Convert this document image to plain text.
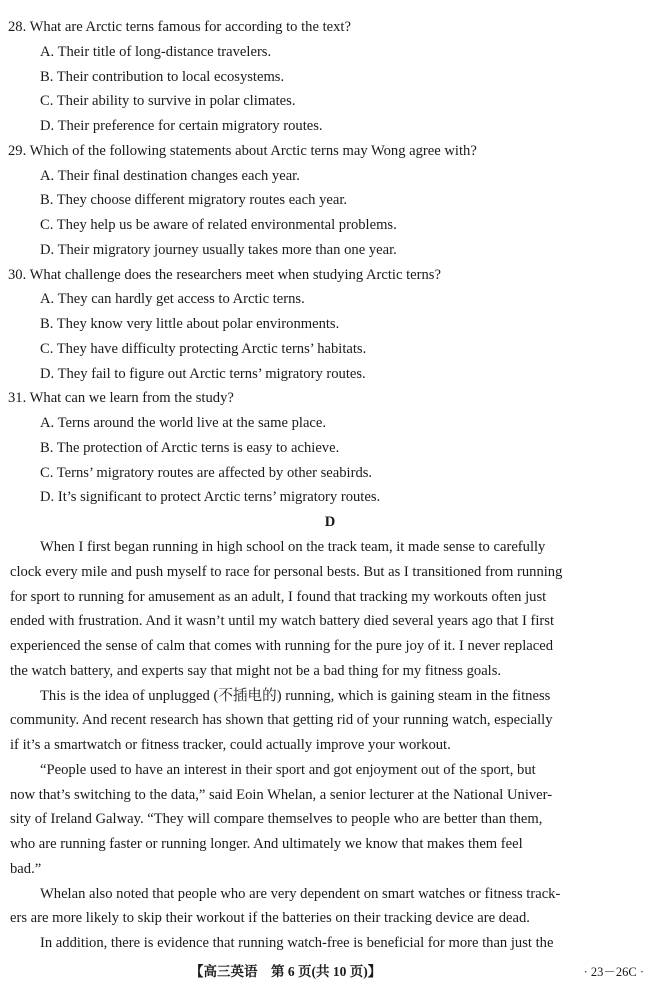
28. What are Arctic terns famous for according to the text?
A. Their title of long-distance travelers.
B. Their contribution to local ecosystems.
C. Their ability to survive in polar climates.
D. Their preference for certain migratory routes.
29. Which of the following statements about Arctic terns may Wong agree with?
A. Their final destination changes each year.
B. They choose different migratory routes each year.
C. They help us be aware of related environmental problems.
D. Their migratory journey usually takes more than one year.
30. What challenge does the researchers meet when studying Arctic terns?
A. They can hardly get access to Arctic terns.
B. They know very little about polar environments.
C. They have difficulty protecting Arctic terns’ habitats.
D. They fail to figure out Arctic terns’ migratory routes.
31. What can we learn from the study?
A. Terns around the world live at the same place.
B. The protection of Arctic terns is easy to achieve.
C. Terns’ migratory routes are affected by other seabirds.
D. It’s significant to protect Arctic terns’ migratory routes.
D
When I first began running in high school on the track team, it made sense to carefully
clock every mile and push myself to race for personal bests. But as I transitioned from running
for sport to running for amusement as an adult, I found that tracking my workouts often just
ended with frustration. And it wasn’t until my watch battery died several years ago that I first
experienced the sense of calm that comes with running for the pure joy of it. I never replaced
the watch battery, and experts say that might not be a bad thing for my fitness goals.
This is the idea of unplugged (不插电的) running, which is gaining steam in the fitness
community. And recent research has shown that getting rid of your running watch, especially
if it’s a smartwatch or fitness tracker, could actually improve your workout.
“People used to have an interest in their sport and got enjoyment out of the sport, but
now that’s switching to the data,” said Eoin Whelan, a senior lecturer at the National Univer-
sity of Ireland Galway. “They will compare themselves to people who are better than them,
who are running faster or running longer. And ultimately we know that makes them feel
bad.”
Whelan also noted that people who are very dependent on smart watches or fitness track-
ers are more likely to skip their workout if the batteries on their tracking device are dead.
In addition, there is evidence that running watch-free is beneficial for more than just the
【高三英语　第 6 页(共 10 页)】	· 23－26C ·
